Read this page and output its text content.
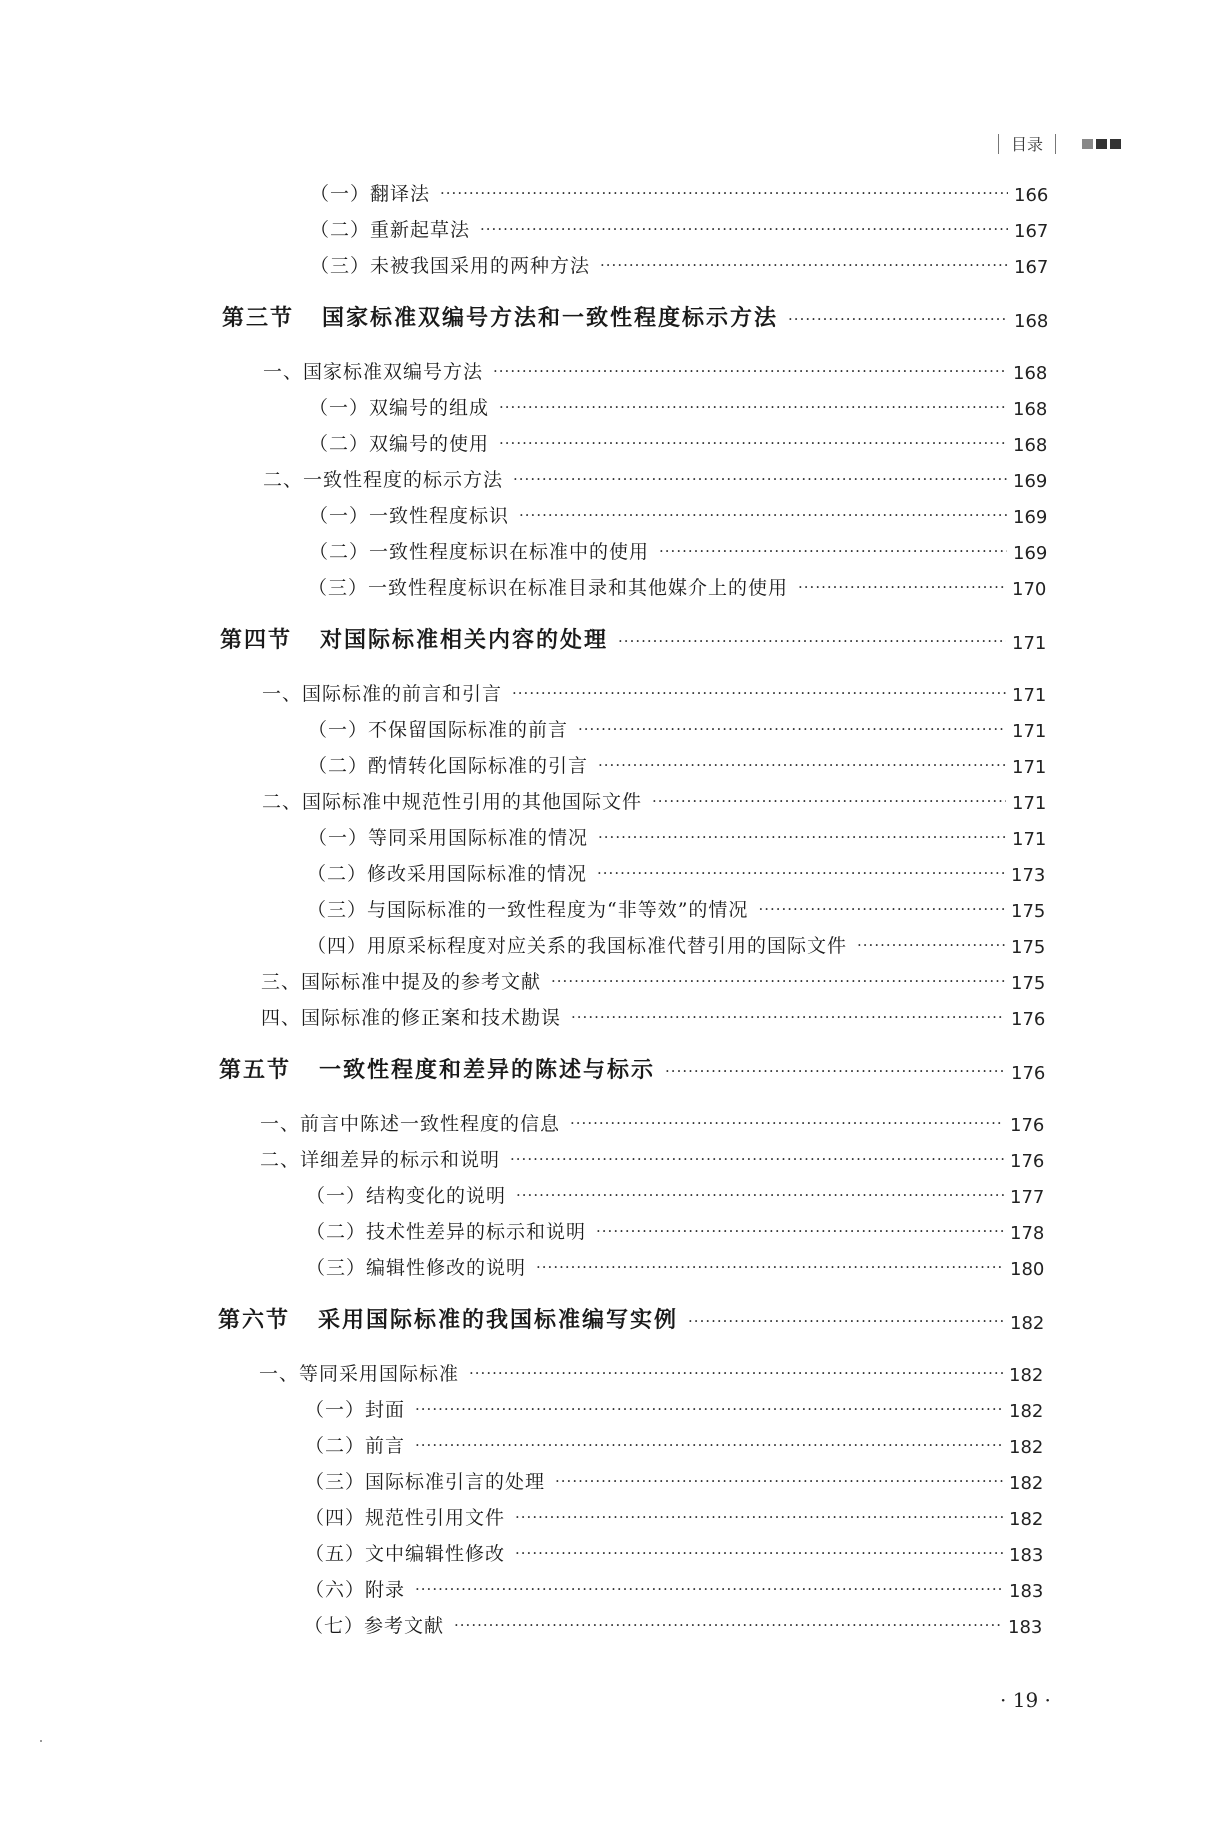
目录
（一）翻译法 ·····	166
（二）重新起草法 ·····	167
（三）未被我国采用的两种方法 ·····	167
第三节 国家标准双编号方法和一致性程度标示方法 ·····	168
一、国家标准双编号方法 ·····	168
（一）双编号的组成 ·····	168
（二）双编号的使用 ·····	168
二、一致性程度的标示方法 ·····	169
（一）一致性程度标识 ·····	169
（二）一致性程度标识在标准中的使用 ·····	169
（三）一致性程度标识在标准目录和其他媒介上的使用 ·····	170
第四节 对国际标准相关内容的处理 ·····	171
一、国际标准的前言和引言 ·····	171
（一）不保留国际标准的前言 ·····	171
（二）酌情转化国际标准的引言 ·····	171
二、国际标准中规范性引用的其他国际文件 ·····	171
（一）等同采用国际标准的情况 ·····	171
（二）修改采用国际标准的情况 ·····	173
（三）与国际标准的一致性程度为“非等效”的情况 ·····	175
（四）用原采标程度对应关系的我国标准代替引用的国际文件 ·····	175
三、国际标准中提及的参考文献 ·····	175
四、国际标准的修正案和技术勘误 ·····	176
第五节 一致性程度和差异的陈述与标示 ·····	176
一、前言中陈述一致性程度的信息 ·····	176
二、详细差异的标示和说明 ·····	176
（一）结构变化的说明 ·····	177
（二）技术性差异的标示和说明 ·····	178
（三）编辑性修改的说明 ·····	180
第六节 采用国际标准的我国标准编写实例 ·····	182
一、等同采用国际标准 ·····	182
（一）封面 ·····	182
（二）前言 ·····	182
（三）国际标准引言的处理 ·····	182
（四）规范性引用文件 ·····	182
（五）文中编辑性修改 ·····	183
（六）附录 ·····	183
（七）参考文献 ·····	183
· 19 ·
